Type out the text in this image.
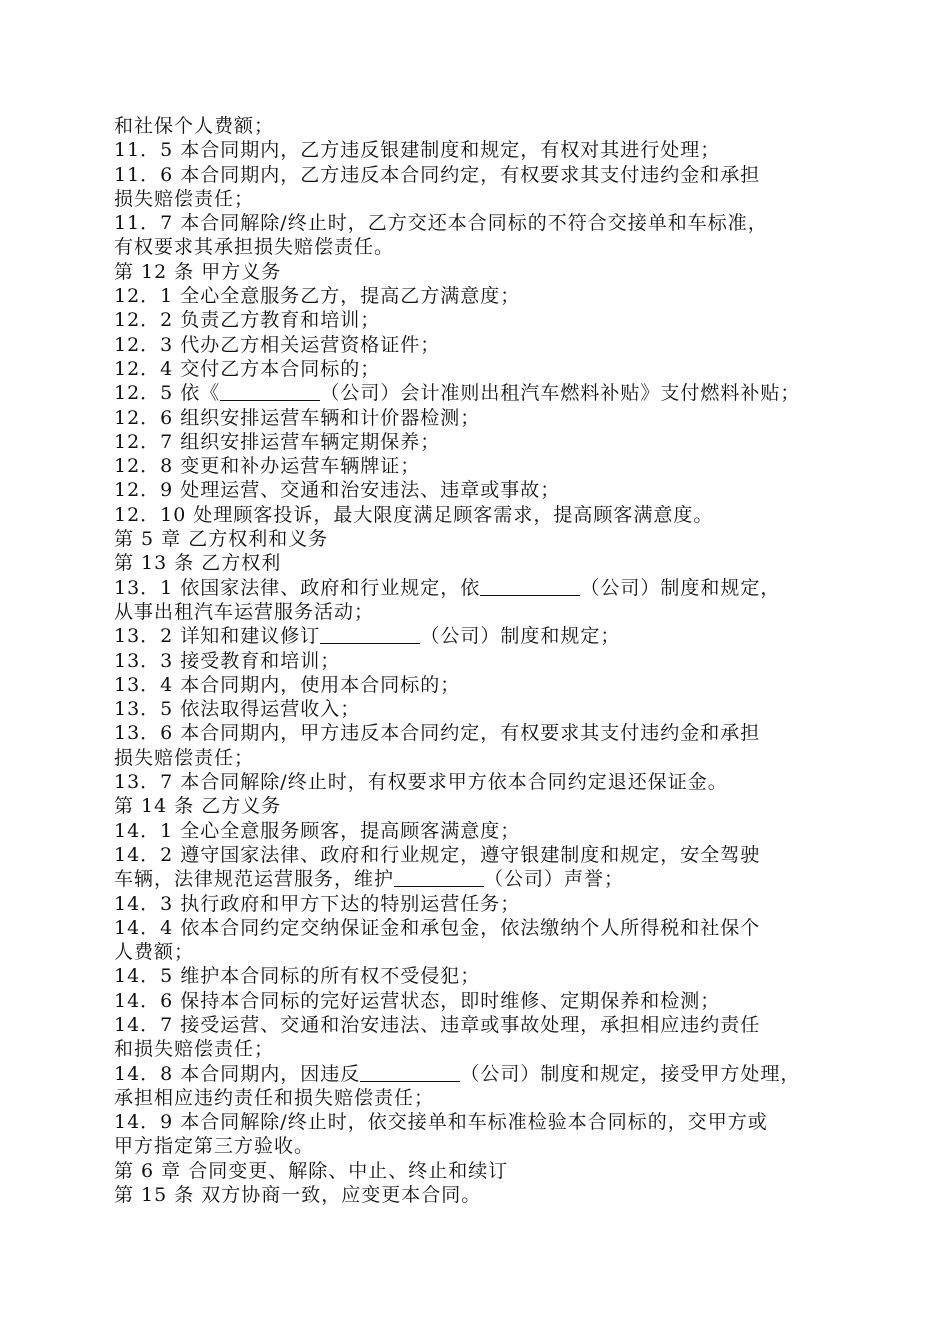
和社保个人费额；
11．5 本合同期内，乙方违反银建制度和规定，有权对其进行处理；
11．6 本合同期内，乙方违反本合同约定，有权要求其支付违约金和承担
损失赔偿责任；
11．7 本合同解除/终止时，乙方交还本合同标的不符合交接单和车标准，
有权要求其承担损失赔偿责任。
第 12 条 甲方义务
12．1 全心全意服务乙方，提高乙方满意度；
12．2 负责乙方教育和培训；
12．3 代办乙方相关运营资格证件；
12．4 交付乙方本合同标的；
12．5 依《	（公司）会计准则出租汽车燃料补贴》支付燃料补贴；
12．6 组织安排运营车辆和计价器检测；
12．7 组织安排运营车辆定期保养；
12．8 变更和补办运营车辆牌证；
12．9 处理运营、交通和治安违法、违章或事故；
12．10 处理顾客投诉，最大限度满足顾客需求，提高顾客满意度。
第 5 章 乙方权利和义务
第 13 条 乙方权利
13．1 依国家法律、政府和行业规定，依	（公司）制度和规定，
从事出租汽车运营服务活动；
13．2 详知和建议修订	（公司）制度和规定；
13．3 接受教育和培训；
13．4 本合同期内，使用本合同标的；
13．5 依法取得运营收入；
13．6 本合同期内，甲方违反本合同约定，有权要求其支付违约金和承担
损失赔偿责任；
13．7 本合同解除/终止时，有权要求甲方依本合同约定退还保证金。
第 14 条 乙方义务
14．1 全心全意服务顾客，提高顾客满意度；
14．2 遵守国家法律、政府和行业规定，遵守银建制度和规定，安全驾驶
车辆，法律规范运营服务，维护	（公司）声誉；
14．3 执行政府和甲方下达的特别运营任务；
14．4 依本合同约定交纳保证金和承包金，依法缴纳个人所得税和社保个
人费额；
14．5 维护本合同标的所有权不受侵犯；
14．6 保持本合同标的完好运营状态，即时维修、定期保养和检测；
14．7 接受运营、交通和治安违法、违章或事故处理，承担相应违约责任
和损失赔偿责任；
14．8 本合同期内，因违反	（公司）制度和规定，接受甲方处理，
承担相应违约责任和损失赔偿责任；
14．9 本合同解除/终止时，依交接单和车标准检验本合同标的，交甲方或
甲方指定第三方验收。
第 6 章 合同变更、解除、中止、终止和续订
第 15 条 双方协商一致，应变更本合同。
